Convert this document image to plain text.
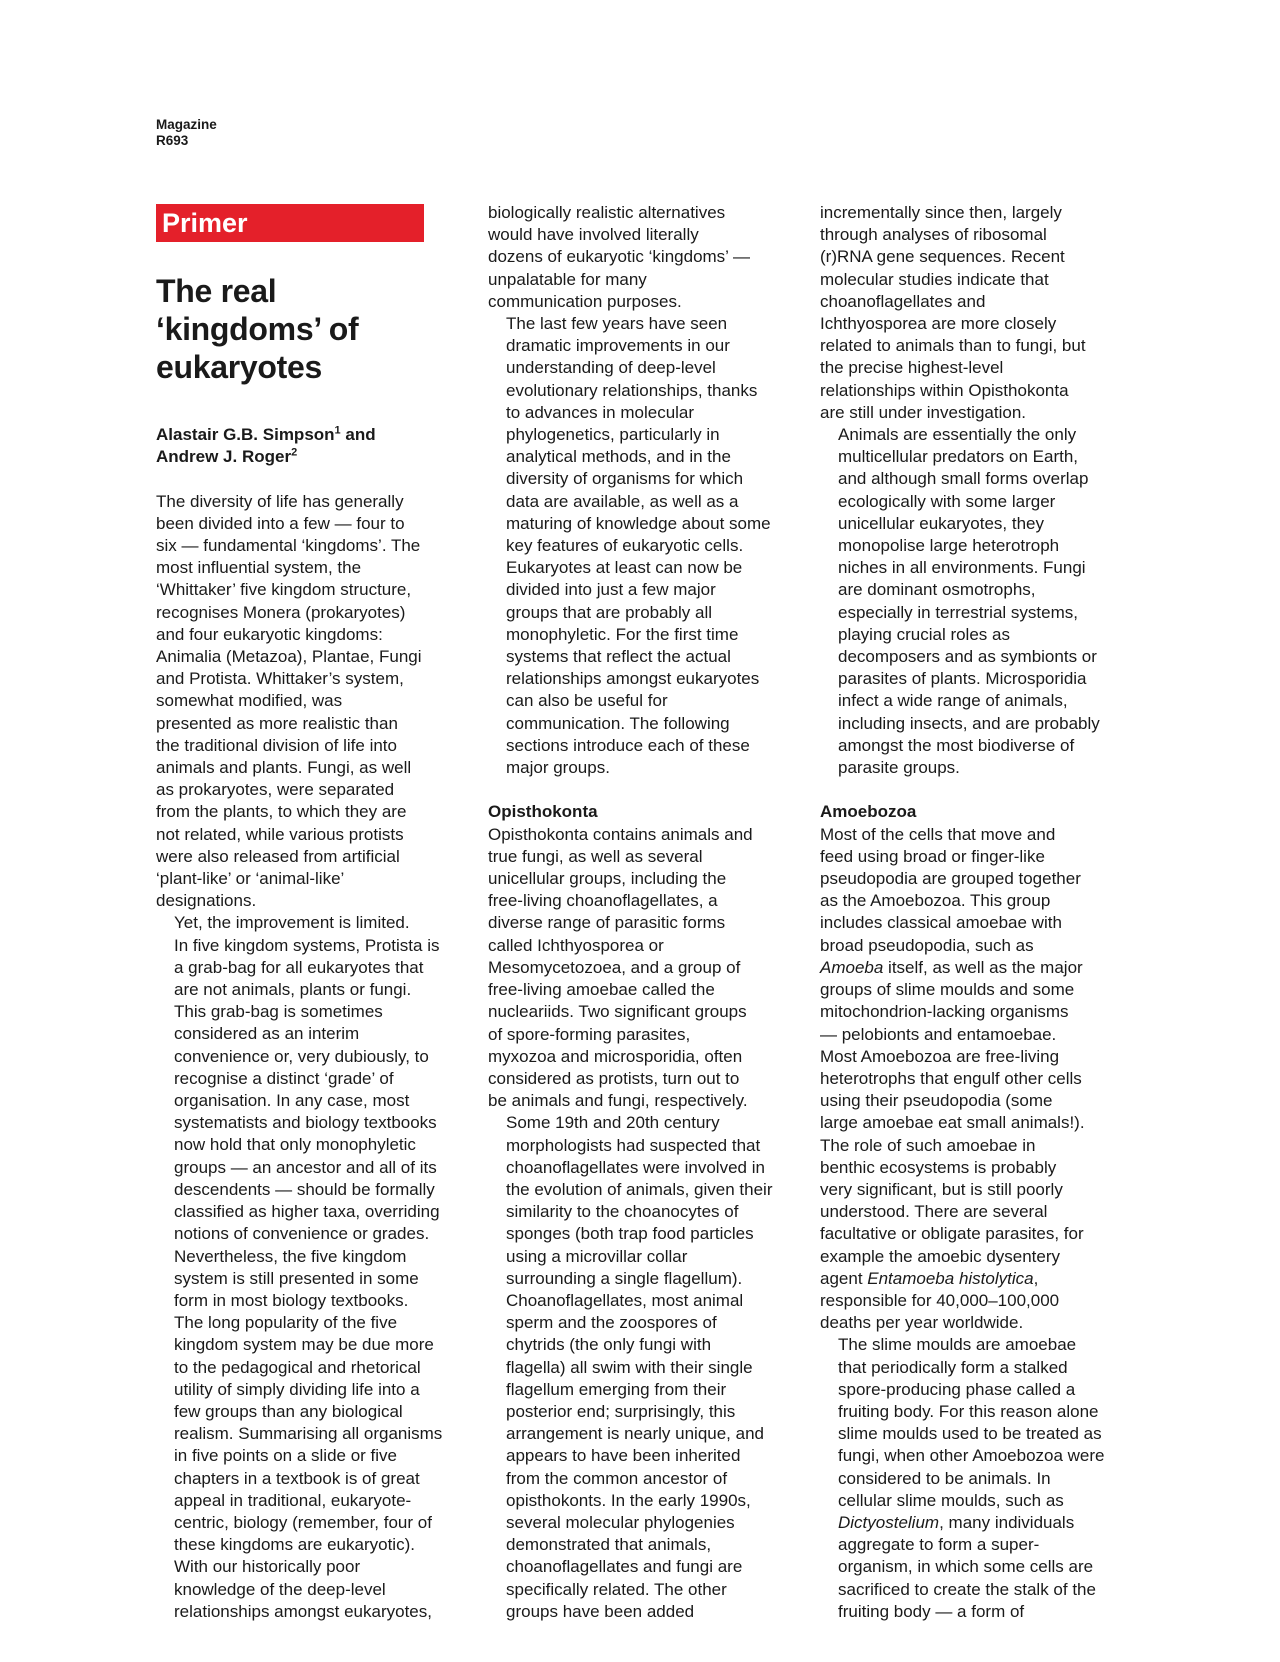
Magazine
R693
Primer
The real
‘kingdoms’ of
eukaryotes
Alastair G.B. Simpson$^1$ and
Andrew J. Roger$^2$

The diversity of life has generally
been divided into a few — four to
six — fundamental ‘kingdoms’. The
most influential system, the
‘Whittaker’ five kingdom structure,
recognises Monera (prokaryotes)
and four eukaryotic kingdoms:
Animalia (Metazoa), Plantae, Fungi
and Protista. Whittaker’s system,
somewhat modified, was
presented as more realistic than
the traditional division of life into
animals and plants. Fungi, as well
as prokaryotes, were separated
from the plants, to which they are
not related, while various protists
were also released from artificial
‘plant-like’ or ‘animal-like’
designations.

Yet, the improvement is limited.
In five kingdom systems, Protista is
a grab-bag for all eukaryotes that
are not animals, plants or fungi.
This grab-bag is sometimes
considered as an interim
convenience or, very dubiously, to
recognise a distinct ‘grade’ of
organisation. In any case, most
systematists and biology textbooks
now hold that only monophyletic
groups — an ancestor and all of its
descendents — should be formally
classified as higher taxa, overriding
notions of convenience or grades.
Nevertheless, the five kingdom
system is still presented in some
form in most biology textbooks.

The long popularity of the five
kingdom system may be due more
to the pedagogical and rhetorical
utility of simply dividing life into a
few groups than any biological
realism. Summarising all organisms
in five points on a slide or five
chapters in a textbook is of great
appeal in traditional, eukaryote-
centric, biology (remember, four of
these kingdoms are eukaryotic).
With our historically poor
knowledge of the deep-level
relationships amongst eukaryotes,

biologically realistic alternatives
would have involved literally
dozens of eukaryotic ‘kingdoms’ —
unpalatable for many
communication purposes.

The last few years have seen
dramatic improvements in our
understanding of deep-level
evolutionary relationships, thanks
to advances in molecular
phylogenetics, particularly in
analytical methods, and in the
diversity of organisms for which
data are available, as well as a
maturing of knowledge about some
key features of eukaryotic cells.
Eukaryotes at least can now be
divided into just a few major
groups that are probably all
monophyletic. For the first time
systems that reflect the actual
relationships amongst eukaryotes
can also be useful for
communication. The following
sections introduce each of these
major groups.

Opisthokonta

Opisthokonta contains animals and
true fungi, as well as several
unicellular groups, including the
free-living choanoflagellates, a
diverse range of parasitic forms
called Ichthyosporea or
Mesomycetozoea, and a group of
free-living amoebae called the
nucleariids. Two significant groups
of spore-forming parasites,
myxozoa and microsporidia, often
considered as protists, turn out to
be animals and fungi, respectively.

Some 19th and 20th century
morphologists had suspected that
choanoflagellates were involved in
the evolution of animals, given their
similarity to the choanocytes of
sponges (both trap food particles
using a microvillar collar
surrounding a single flagellum).
Choanoflagellates, most animal
sperm and the zoospores of
chytrids (the only fungi with
flagella) all swim with their single
flagellum emerging from their
posterior end; surprisingly, this
arrangement is nearly unique, and
appears to have been inherited
from the common ancestor of
opisthokonts. In the early 1990s,
several molecular phylogenies
demonstrated that animals,
choanoflagellates and fungi are
specifically related. The other
groups have been added

incrementally since then, largely
through analyses of ribosomal
(r)RNA gene sequences. Recent
molecular studies indicate that
choanoflagellates and
Ichthyosporea are more closely
related to animals than to fungi, but
the precise highest-level
relationships within Opisthokonta
are still under investigation.

Animals are essentially the only
multicellular predators on Earth,
and although small forms overlap
ecologically with some larger
unicellular eukaryotes, they
monopolise large heterotroph
niches in all environments. Fungi
are dominant osmotrophs,
especially in terrestrial systems,
playing crucial roles as
decomposers and as symbionts or
parasites of plants. Microsporidia
infect a wide range of animals,
including insects, and are probably
amongst the most biodiverse of
parasite groups.

Amoebozoa

Most of the cells that move and
feed using broad or finger-like
pseudopodia are grouped together
as the Amoebozoa. This group
includes classical amoebae with
broad pseudopodia, such as
Amoeba itself, as well as the major
groups of slime moulds and some
mitochondrion-lacking organisms
— pelobionts and entamoebae.
Most Amoebozoa are free-living
heterotrophs that engulf other cells
using their pseudopodia (some
large amoebae eat small animals!).
The role of such amoebae in
benthic ecosystems is probably
very significant, but is still poorly
understood. There are several
facultative or obligate parasites, for
example the amoebic dysentery
agent Entamoeba histolytica,
responsible for 40,000–100,000
deaths per year worldwide.

The slime moulds are amoebae
that periodically form a stalked
spore-producing phase called a
fruiting body. For this reason alone
slime moulds used to be treated as
fungi, when other Amoebozoa were
considered to be animals. In
cellular slime moulds, such as
Dictyostelium, many individuals
aggregate to form a super-
organism, in which some cells are
sacrificed to create the stalk of the
fruiting body — a form of
